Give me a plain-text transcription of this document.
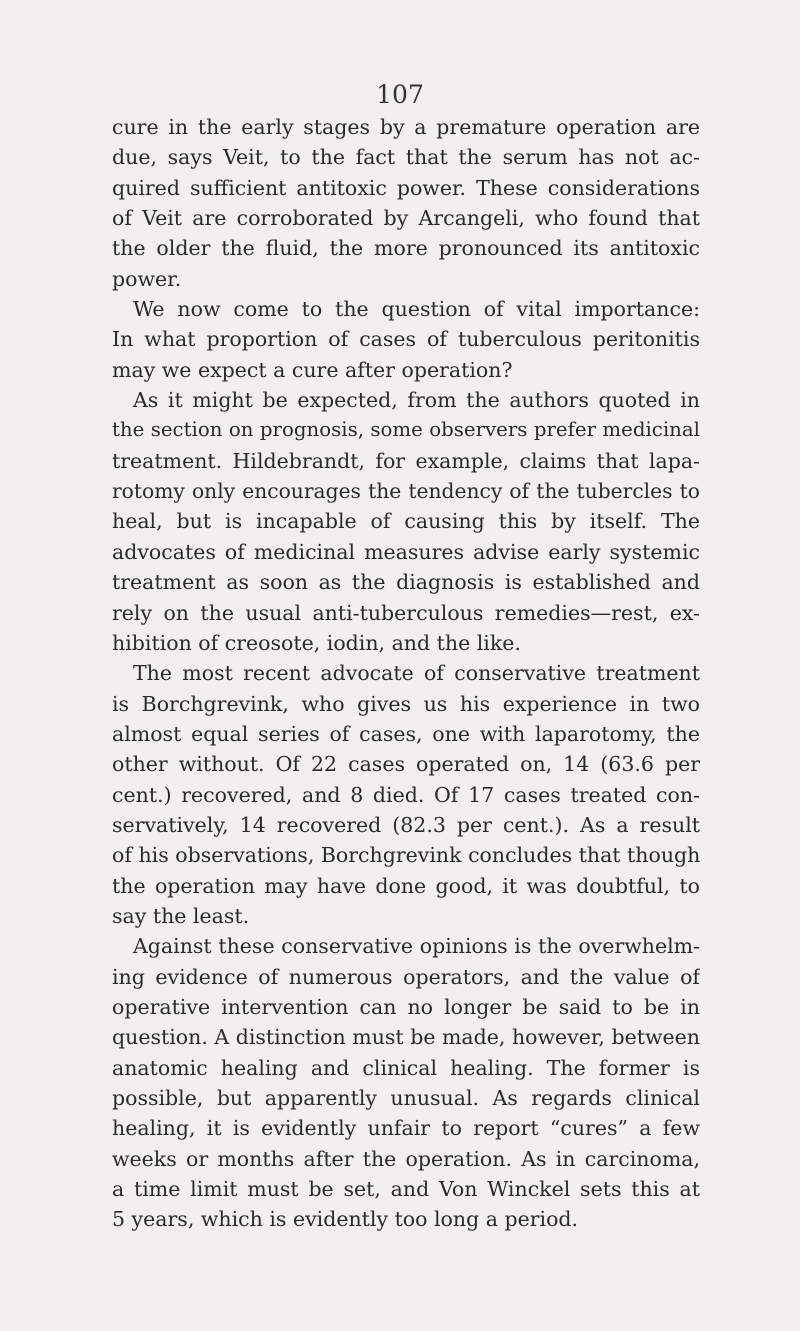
107
cure in the early stages by a premature operation are
due, says Veit, to the fact that the serum has not ac-
quired sufficient antitoxic power. These considerations
of Veit are corroborated by Arcangeli, who found that
the older the fluid, the more pronounced its antitoxic
power.
We now come to the question of vital importance:
In what proportion of cases of tuberculous peritonitis
may we expect a cure after operation?
As it might be expected, from the authors quoted in
the section on prognosis, some observers prefer medicinal
treatment. Hildebrandt, for example, claims that lapa-
rotomy only encourages the tendency of the tubercles to
heal, but is incapable of causing this by itself. The
advocates of medicinal measures advise early systemic
treatment as soon as the diagnosis is established and
rely on the usual anti-tuberculous remedies—rest, ex-
hibition of creosote, iodin, and the like.
The most recent advocate of conservative treatment
is Borchgrevink, who gives us his experience in two
almost equal series of cases, one with laparotomy, the
other without. Of 22 cases operated on, 14 (63.6 per
cent.) recovered, and 8 died. Of 17 cases treated con-
servatively, 14 recovered (82.3 per cent.). As a result
of his observations, Borchgrevink concludes that though
the operation may have done good, it was doubtful, to
say the least.
Against these conservative opinions is the overwhelm-
ing evidence of numerous operators, and the value of
operative intervention can no longer be said to be in
question. A distinction must be made, however, between
anatomic healing and clinical healing. The former is
possible, but apparently unusual. As regards clinical
healing, it is evidently unfair to report “cures” a few
weeks or months after the operation. As in carcinoma,
a time limit must be set, and Von Winckel sets this at
5 years, which is evidently too long a period.
